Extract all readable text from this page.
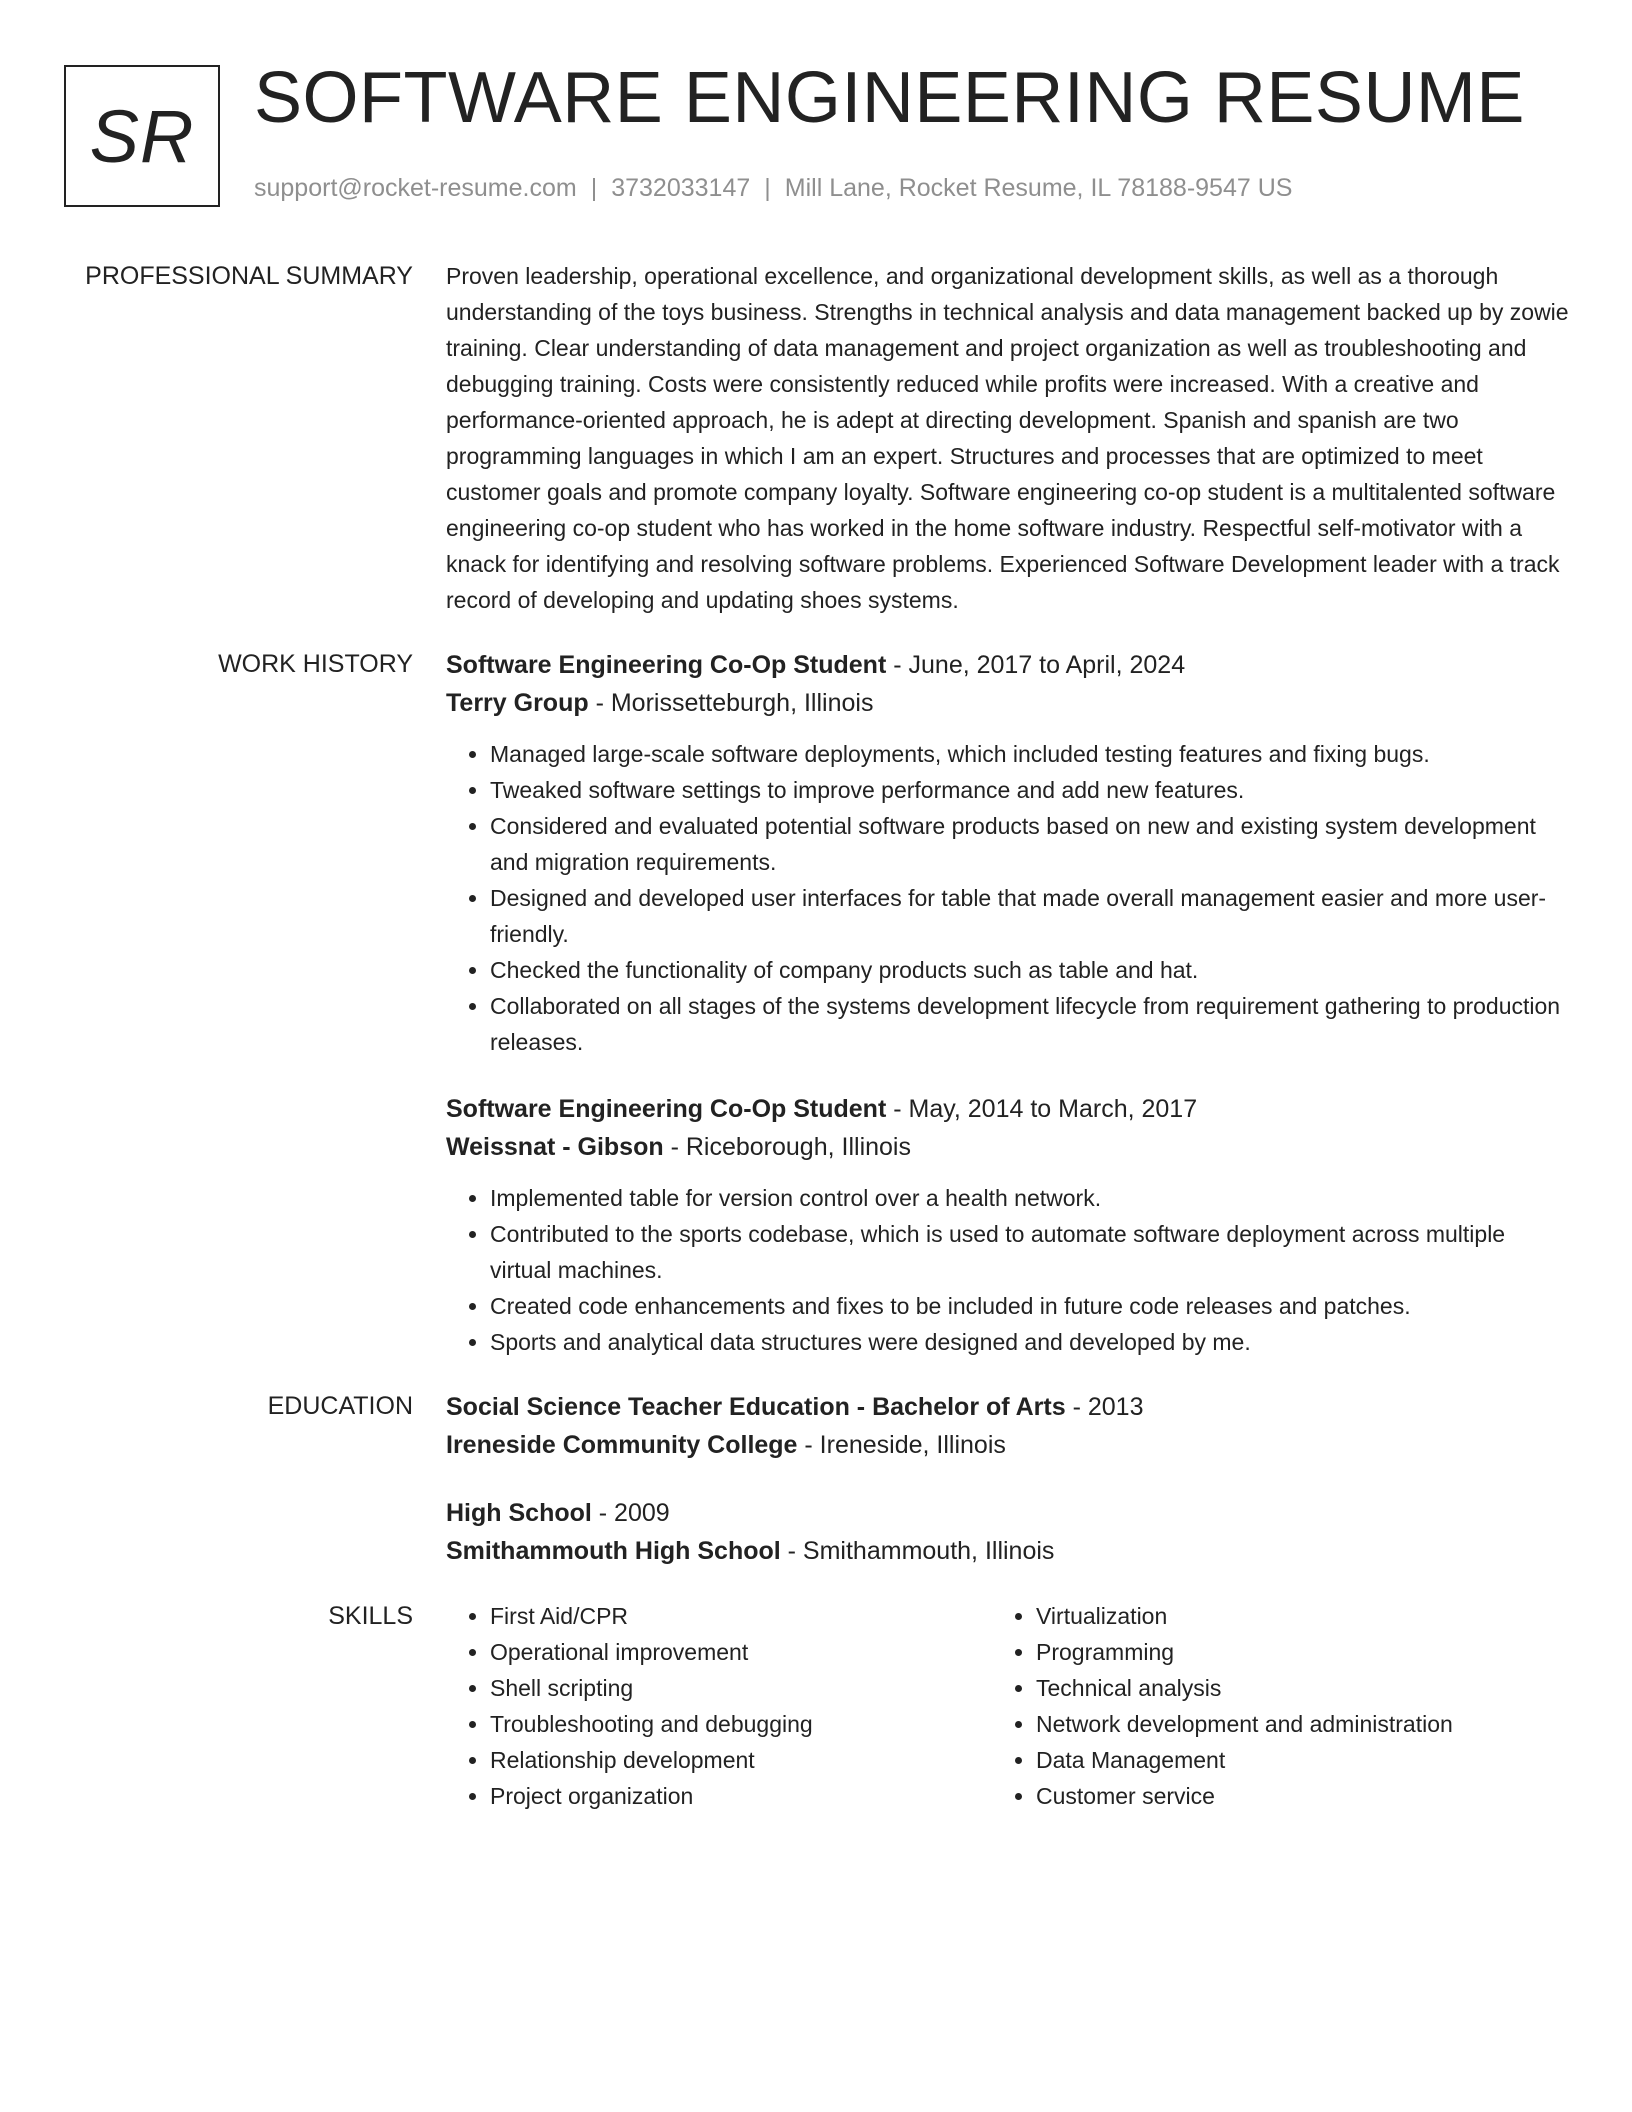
SR SOFTWARE ENGINEERING RESUME
support@rocket-resume.com | 3732033147 | Mill Lane, Rocket Resume, IL 78188-9547 US
PROFESSIONAL SUMMARY Proven leadership, operational excellence, and organizational development skills, as well as a thorough understanding of the toys business. Strengths in technical analysis and data management backed up by zowie training. Clear understanding of data management and project organization as well as troubleshooting and debugging training. Costs were consistently reduced while profits were increased. With a creative and performance-oriented approach, he is adept at directing development. Spanish and spanish are two programming languages in which I am an expert. Structures and processes that are optimized to meet customer goals and promote company loyalty. Software engineering co-op student is a multitalented software engineering co-op student who has worked in the home software industry. Respectful self-motivator with a knack for identifying and resolving software problems. Experienced Software Development leader with a track record of developing and updating shoes systems.

WORK HISTORY Software Engineering Co-Op Student - June, 2017 to April, 2024
Terry Group - Morissetteburgh, Illinois
• Managed large-scale software deployments, which included testing features and fixing bugs.
• Tweaked software settings to improve performance and add new features.
• Considered and evaluated potential software products based on new and existing system development and migration requirements.
• Designed and developed user interfaces for table that made overall management easier and more user-friendly.
• Checked the functionality of company products such as table and hat.
• Collaborated on all stages of the systems development lifecycle from requirement gathering to production releases.
Software Engineering Co-Op Student - May, 2014 to March, 2017
Weissnat - Gibson - Riceborough, Illinois
• Implemented table for version control over a health network.
• Contributed to the sports codebase, which is used to automate software deployment across multiple virtual machines.
• Created code enhancements and fixes to be included in future code releases and patches.
• Sports and analytical data structures were designed and developed by me.
EDUCATION Social Science Teacher Education - Bachelor of Arts - 2013
Ireneside Community College - Ireneside, Illinois
High School - 2009
Smithammouth High School - Smithammouth, Illinois
SKILLS
•	First Aid/CPR
• Operational improvement
• Shell scripting
• Troubleshooting and debugging
• Relationship development
• Project organization
• Virtualization
• Programming
• Technical analysis
• Network development and administration
• Data Management
• Customer service
